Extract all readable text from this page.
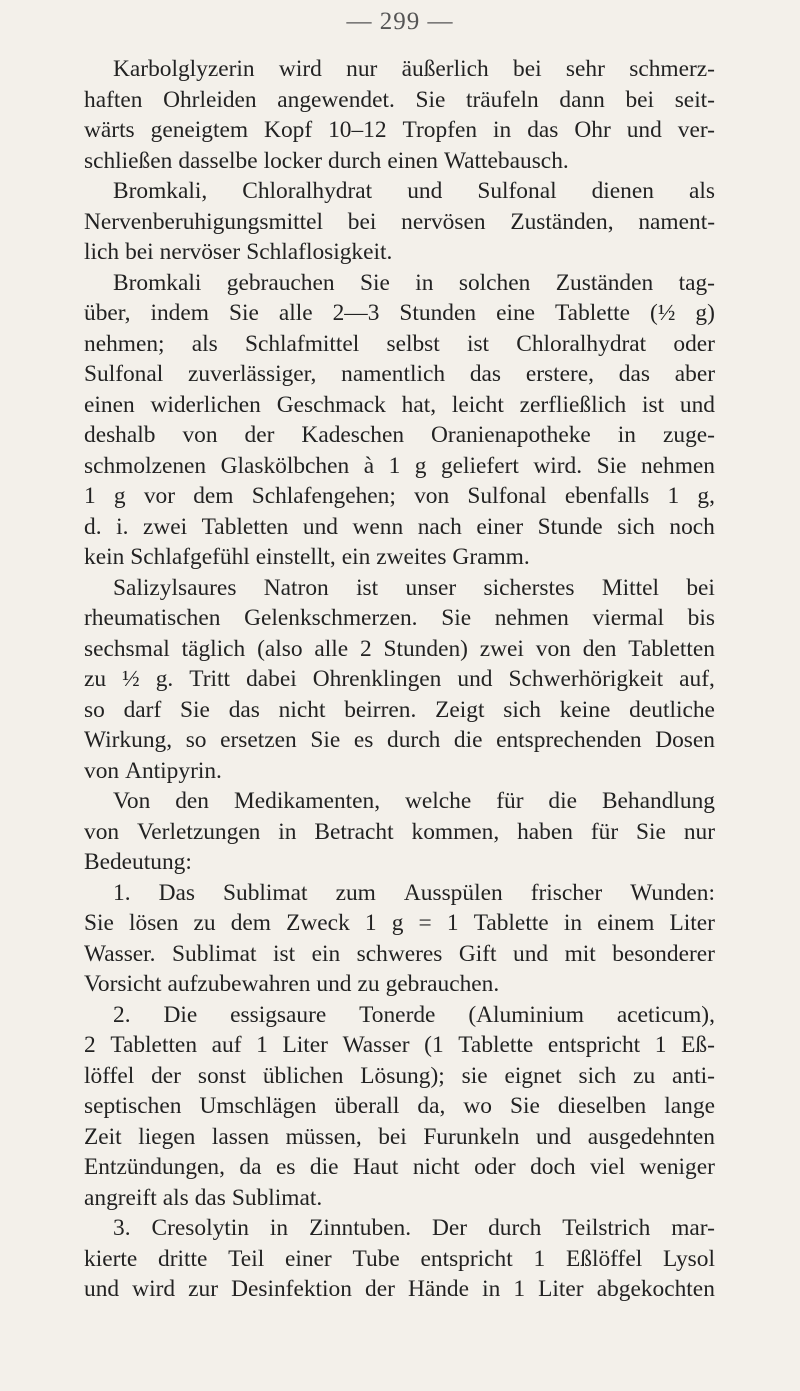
— 299 —
Karbolglyzerin wird nur äußerlich bei sehr schmerz-
haften Ohrleiden angewendet. Sie träufeln dann bei seit-
wärts geneigtem Kopf 10–12 Tropfen in das Ohr und ver-
schließen dasselbe locker durch einen Wattebausch.
Bromkali, Chloralhydrat und Sulfonal dienen als
Nervenberuhigungsmittel bei nervösen Zuständen, nament-
lich bei nervöser Schlaflosigkeit.
Bromkali gebrauchen Sie in solchen Zuständen tag-
über, indem Sie alle 2—3 Stunden eine Tablette (½ g)
nehmen; als Schlafmittel selbst ist Chloralhydrat oder
Sulfonal zuverlässiger, namentlich das erstere, das aber
einen widerlichen Geschmack hat, leicht zerfließlich ist und
deshalb von der Kadeschen Oranienapotheke in zuge-
schmolzenen Glaskölbchen à 1 g geliefert wird. Sie nehmen
1 g vor dem Schlafengehen; von Sulfonal ebenfalls 1 g,
d. i. zwei Tabletten und wenn nach einer Stunde sich noch
kein Schlafgefühl einstellt, ein zweites Gramm.
Salizylsaures Natron ist unser sicherstes Mittel bei
rheumatischen Gelenkschmerzen. Sie nehmen viermal bis
sechsmal täglich (also alle 2 Stunden) zwei von den Tabletten
zu ½ g. Tritt dabei Ohrenklingen und Schwerhörigkeit auf,
so darf Sie das nicht beirren. Zeigt sich keine deutliche
Wirkung, so ersetzen Sie es durch die entsprechenden Dosen
von Antipyrin.
Von den Medikamenten, welche für die Behandlung
von Verletzungen in Betracht kommen, haben für Sie nur
Bedeutung:
1. Das Sublimat zum Ausspülen frischer Wunden:
Sie lösen zu dem Zweck 1 g = 1 Tablette in einem Liter
Wasser. Sublimat ist ein schweres Gift und mit besonderer
Vorsicht aufzubewahren und zu gebrauchen.
2. Die essigsaure Tonerde (Aluminium aceticum),
2 Tabletten auf 1 Liter Wasser (1 Tablette entspricht 1 Eß-
löffel der sonst üblichen Lösung); sie eignet sich zu anti-
septischen Umschlägen überall da, wo Sie dieselben lange
Zeit liegen lassen müssen, bei Furunkeln und ausgedehnten
Entzündungen, da es die Haut nicht oder doch viel weniger
angreift als das Sublimat.
3. Cresolytin in Zinntuben. Der durch Teilstrich mar-
kierte dritte Teil einer Tube entspricht 1 Eßlöffel Lysol
und wird zur Desinfektion der Hände in 1 Liter abgekochten
